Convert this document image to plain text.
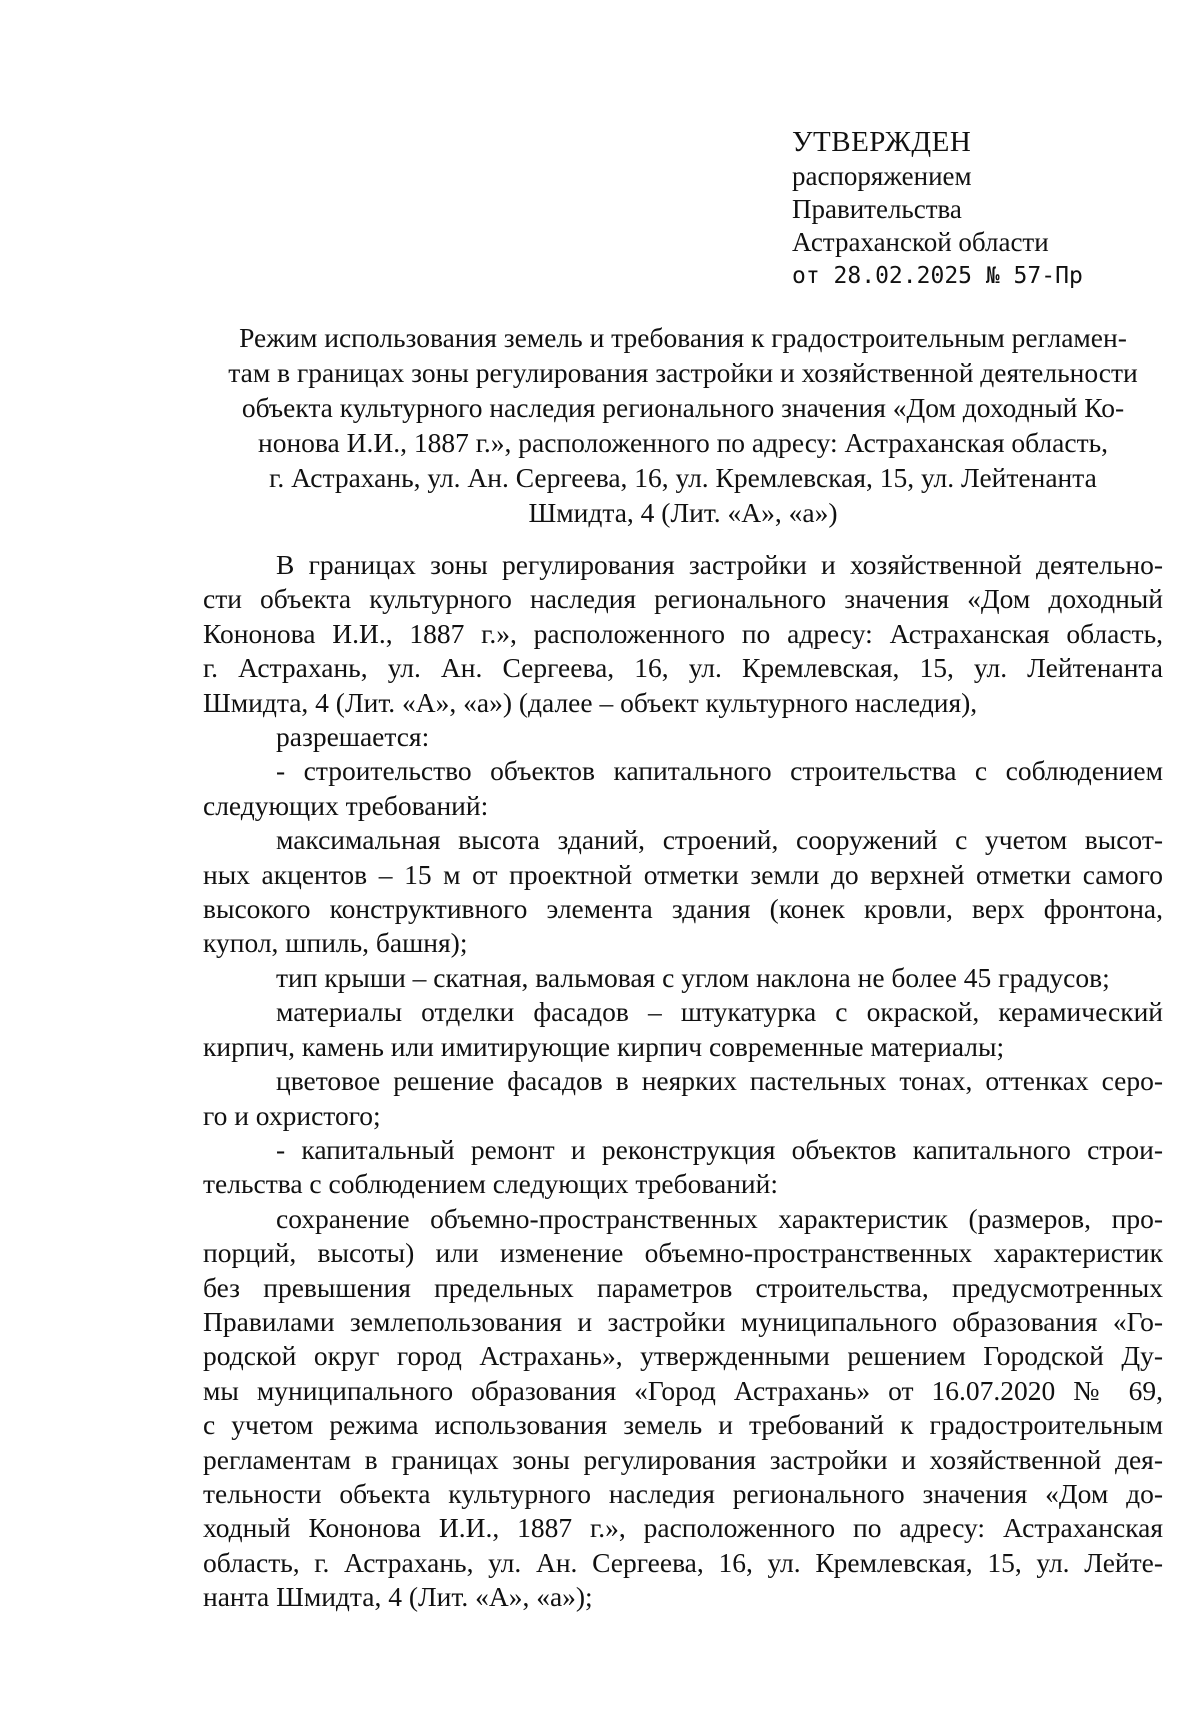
УТВЕРЖДЕН
распоряжением
Правительства
Астраханской области
от 28.02.2025 № 57-Пр
Режим использования земель и требования к градостроительным регламен-
там в границах зоны регулирования застройки и хозяйственной деятельности
объекта культурного наследия регионального значения «Дом доходный Ко-
нонова И.И., 1887 г.», расположенного по адресу: Астраханская область,
г. Астрахань, ул. Ан. Сергеева, 16, ул. Кремлевская, 15, ул. Лейтенанта
Шмидта, 4 (Лит. «А», «а»)
В границах зоны регулирования застройки и хозяйственной деятельно-
сти объекта культурного наследия регионального значения «Дом доходный
Кононова И.И., 1887 г.», расположенного по адресу: Астраханская область,
г. Астрахань, ул. Ан. Сергеева, 16, ул. Кремлевская, 15, ул. Лейтенанта
Шмидта, 4 (Лит. «А», «а») (далее – объект культурного наследия),
разрешается:
- строительство объектов капитального строительства с соблюдением
следующих требований:
максимальная высота зданий, строений, сооружений с учетом высот-
ных акцентов – 15 м от проектной отметки земли до верхней отметки самого
высокого конструктивного элемента здания (конек кровли, верх фронтона,
купол, шпиль, башня);
тип крыши – скатная, вальмовая с углом наклона не более 45 градусов;
материалы отделки фасадов – штукатурка с окраской, керамический
кирпич, камень или имитирующие кирпич современные материалы;
цветовое решение фасадов в неярких пастельных тонах, оттенках серо-
го и охристого;
- капитальный ремонт и реконструкция объектов капитального строи-
тельства с соблюдением следующих требований:
сохранение объемно-пространственных характеристик (размеров, про-
порций, высоты) или изменение объемно-пространственных характеристик
без превышения предельных параметров строительства, предусмотренных
Правилами землепользования и застройки муниципального образования «Го-
родской округ город Астрахань», утвержденными решением Городской Ду-
мы муниципального образования «Город Астрахань» от 16.07.2020 № 69,
с учетом режима использования земель и требований к градостроительным
регламентам в границах зоны регулирования застройки и хозяйственной дея-
тельности объекта культурного наследия регионального значения «Дом до-
ходный Кононова И.И., 1887 г.», расположенного по адресу: Астраханская
область, г. Астрахань, ул. Ан. Сергеева, 16, ул. Кремлевская, 15, ул. Лейте-
нанта Шмидта, 4 (Лит. «А», «а»);
